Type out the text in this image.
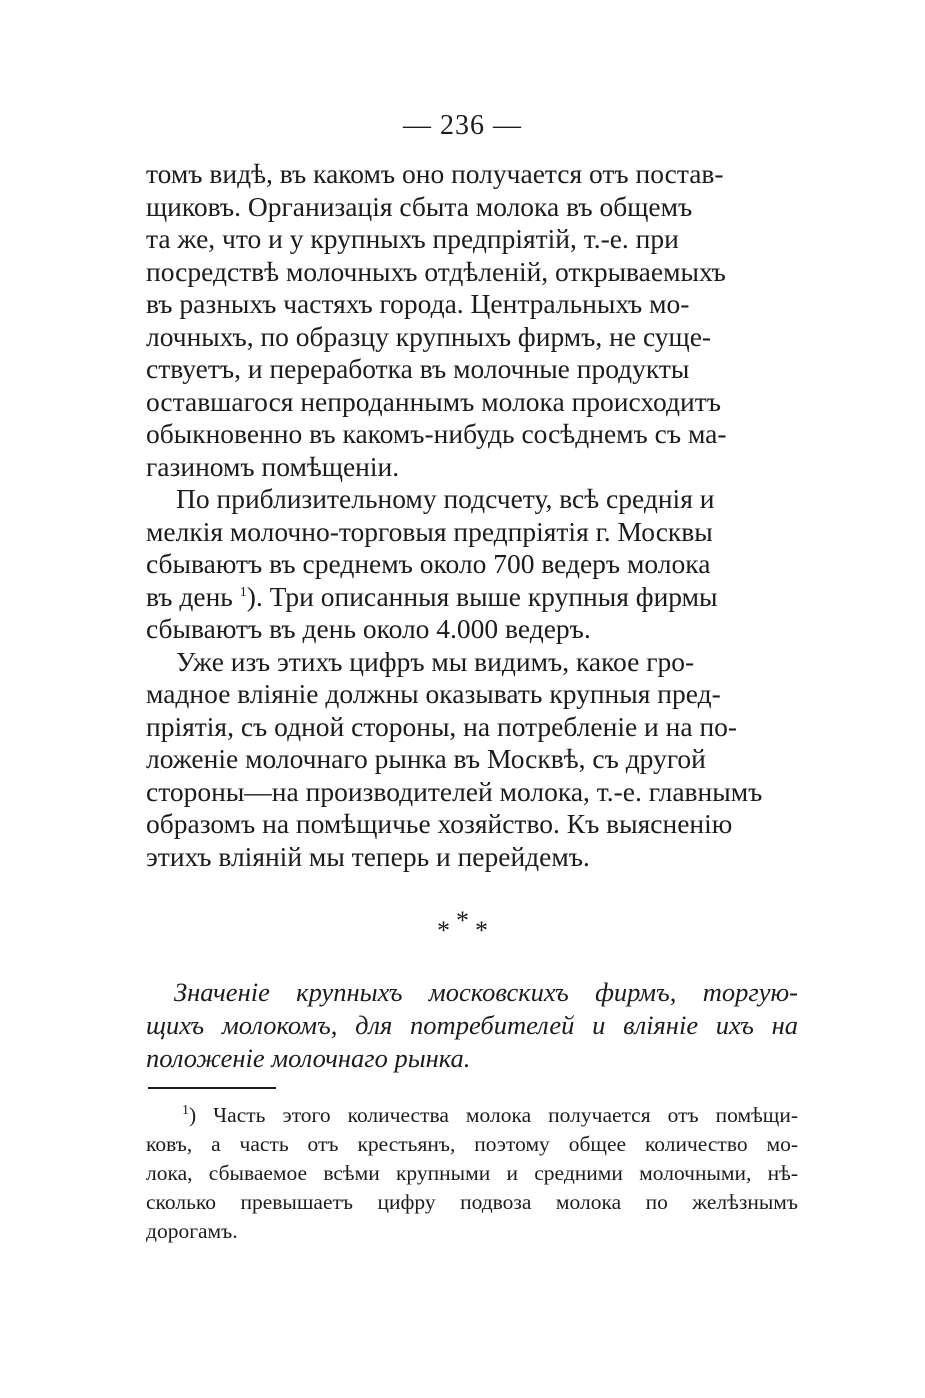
— 236 —

томъ видѣ, въ какомъ оно получается отъ постав-
щиковъ. Организація сбыта молока въ общемъ
та же, что и у крупныхъ предпріятій, т.-е. при
посредствѣ молочныхъ отдѣленій, открываемыхъ
въ разныхъ частяхъ города. Центральныхъ мо-
лочныхъ, по образцу крупныхъ фирмъ, не суще-
ствуетъ, и переработка въ молочные продукты
оставшагося непроданнымъ молока происходитъ
обыкновенно въ какомъ-нибудь сосѣднемъ съ ма-
газиномъ помѣщеніи.

По приблизительному подсчету, всѣ среднія и
мелкія молочно-торговыя предпріятія г. Москвы
сбываютъ въ среднемъ около 700 ведеръ молока
въ день $^1$). Три описанныя выше крупныя фирмы
сбываютъ въ день около 4.000 ведеръ.

Уже изъ этихъ цифръ мы видимъ, какое гро-
мадное вліяніе должны оказывать крупныя пред-
пріятія, съ одной стороны, на потребленіе и на по-
ложеніе молочнаго рынка въ Москвѣ, съ другой
стороны—на производителей молока, т.-е. главнымъ
образомъ на помѣщичье хозяйство. Къ выясненію
этихъ вліяній мы теперь и перейдемъ.

* * *
Значеніе крупныхъ московскихъ фирмъ, торгую-
щихъ молокомъ, для потребителей и вліяніе ихъ на
положеніе молочнаго рынка.
$^1$) Часть этого количества молока получается отъ помѣщи-
ковъ, а часть отъ крестьянъ, поэтому общее количество мо-
лока, сбываемое всѣми крупными и средними молочными, нѣ-
сколько превышаетъ цифру подвоза молока по желѣзнымъ
дорогамъ.
